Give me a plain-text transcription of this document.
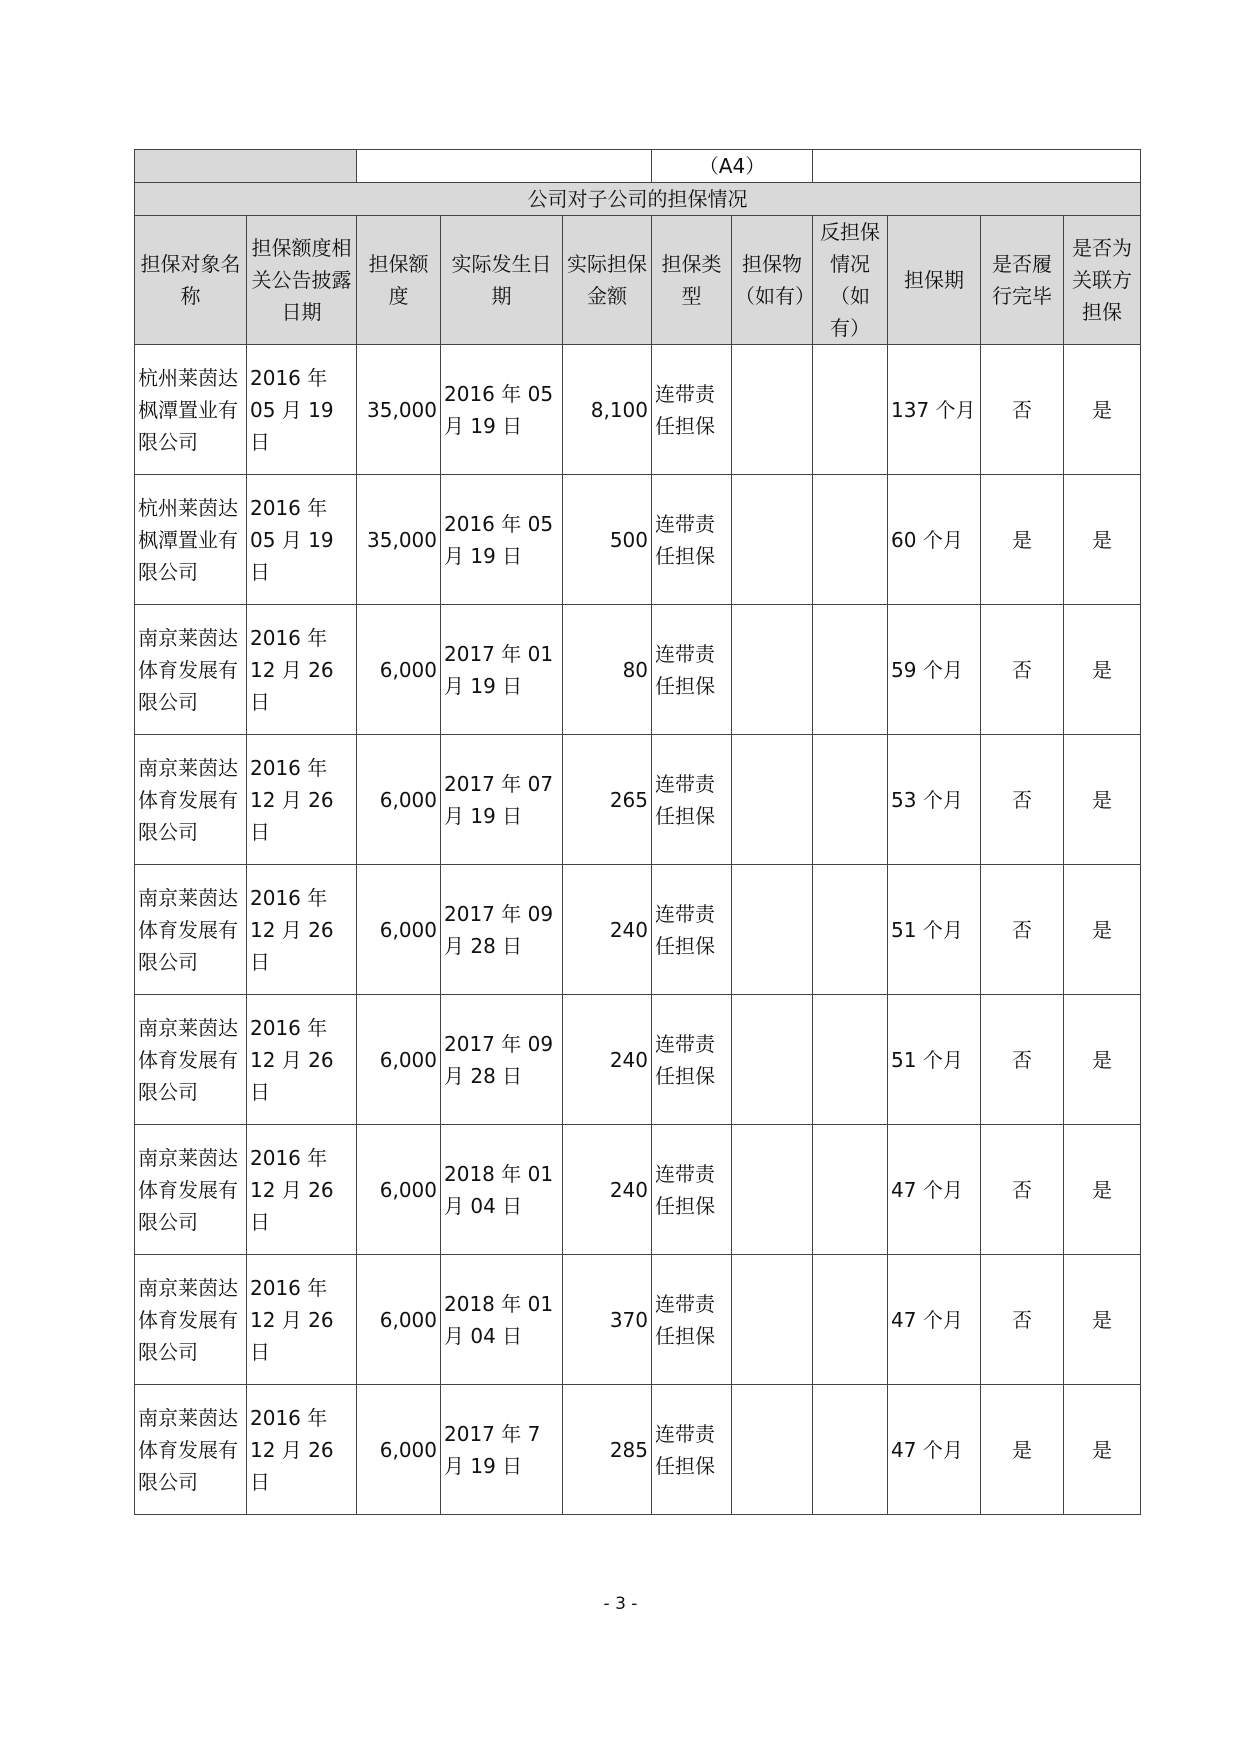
					（A4）					
公司对子公司的担保情况										
担保对象名称	担保额度相关公告披露日期	担保额度	实际发生日期	实际担保金额	担保类型	担保物（如有）	反担保情况（如有）	担保期	是否履行完毕	是否为关联方担保
杭州莱茵达枫潭置业有限公司	2016 年 05 月 19 日	35,000	2016 年 05 月 19 日	8,100	连带责任担保			137 个月	否	是
杭州莱茵达枫潭置业有限公司	2016 年 05 月 19 日	35,000	2016 年 05 月 19 日	500	连带责任担保			60 个月	是	是
南京莱茵达体育发展有限公司	2016 年 12 月 26 日	6,000	2017 年 01 月 19 日	80	连带责任担保			59 个月	否	是
南京莱茵达体育发展有限公司	2016 年 12 月 26 日	6,000	2017 年 07 月 19 日	265	连带责任担保			53 个月	否	是
南京莱茵达体育发展有限公司	2016 年 12 月 26 日	6,000	2017 年 09 月 28 日	240	连带责任担保			51 个月	否	是
南京莱茵达体育发展有限公司	2016 年 12 月 26 日	6,000	2017 年 09 月 28 日	240	连带责任担保			51 个月	否	是
南京莱茵达体育发展有限公司	2016 年 12 月 26 日	6,000	2018 年 01 月 04 日	240	连带责任担保			47 个月	否	是
南京莱茵达体育发展有限公司	2016 年 12 月 26 日	6,000	2018 年 01 月 04 日	370	连带责任担保			47 个月	否	是
南京莱茵达体育发展有限公司	2016 年 12 月 26 日	6,000	2017 年 7 月 19 日	285	连带责任担保			47 个月	是	是
- 3 -
